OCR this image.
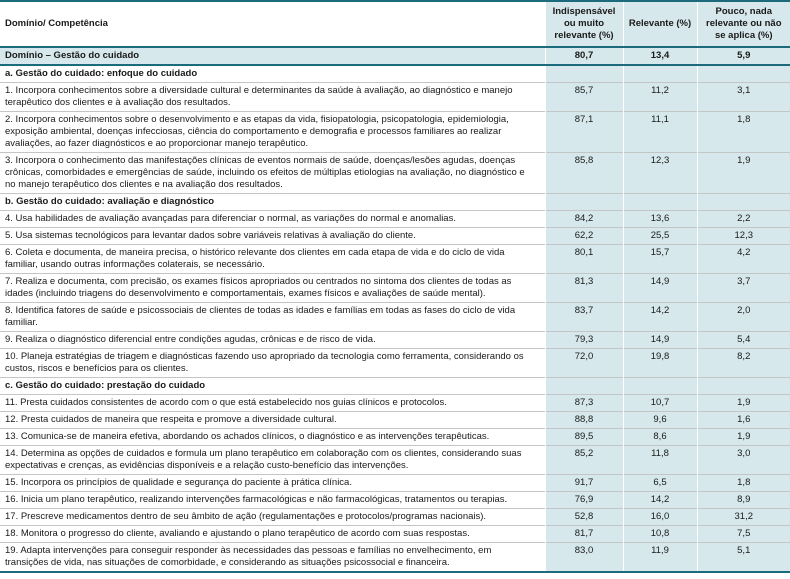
Domínio/ Competência	Indispensável ou muito relevante (%)	Relevante (%)	Pouco, nada relevante ou não se aplica (%)
Domínio – Gestão do cuidado	80,7	13,4	5,9
a. Gestão do cuidado: enfoque do cuidado			
1. Incorpora conhecimentos sobre a diversidade cultural e determinantes da saúde à avaliação, ao diagnóstico e manejo terapêutico dos clientes e à avaliação dos resultados.	85,7	11,2	3,1
2. Incorpora conhecimentos sobre o desenvolvimento e as etapas da vida, fisiopatologia, psicopatologia, epidemiologia, exposição ambiental, doenças infecciosas, ciência do comportamento e demografia e processos familiares ao realizar avaliações, ao fazer diagnósticos e ao proporcionar manejo terapêutico.	87,1	11,1	1,8
3. Incorpora o conhecimento das manifestações clínicas de eventos normais de saúde, doenças/lesões agudas, doenças crônicas, comorbidades e emergências de saúde, incluindo os efeitos de múltiplas etiologias na avaliação, no diagnóstico e no manejo terapêutico dos clientes e na avaliação dos resultados.	85,8	12,3	1,9
b. Gestão do cuidado: avaliação e diagnóstico			
4. Usa habilidades de avaliação avançadas para diferenciar o normal, as variações do normal e anomalias.	84,2	13,6	2,2
5. Usa sistemas tecnológicos para levantar dados sobre variáveis relativas à avaliação do cliente.	62,2	25,5	12,3
6. Coleta e documenta, de maneira precisa, o histórico relevante dos clientes em cada etapa de vida e do ciclo de vida familiar, usando outras informações colaterais, se necessário.	80,1	15,7	4,2
7. Realiza e documenta, com precisão, os exames físicos apropriados ou centrados no sintoma dos clientes de todas as idades (incluindo triagens do desenvolvimento e comportamentais, exames físicos e avaliações de saúde mental).	81,3	14,9	3,7
8. Identifica fatores de saúde e psicossociais de clientes de todas as idades e famílias em todas as fases do ciclo de vida familiar.	83,7	14,2	2,0
9. Realiza o diagnóstico diferencial entre condições agudas, crônicas e de risco de vida.	79,3	14,9	5,4
10. Planeja estratégias de triagem e diagnósticas fazendo uso apropriado da tecnologia como ferramenta, considerando os custos, riscos e benefícios para os clientes.	72,0	19,8	8,2
c. Gestão do cuidado: prestação do cuidado			
11. Presta cuidados consistentes de acordo com o que está estabelecido nos guias clínicos e protocolos.	87,3	10,7	1,9
12. Presta cuidados de maneira que respeita e promove a diversidade cultural.	88,8	9,6	1,6
13. Comunica-se de maneira efetiva, abordando os achados clínicos, o diagnóstico e as intervenções terapêuticas.	89,5	8,6	1,9
14. Determina as opções de cuidados e formula um plano terapêutico em colaboração com os clientes, considerando suas expectativas e crenças, as evidências disponíveis e a relação custo-benefício das intervenções.	85,2	11,8	3,0
15. Incorpora os princípios de qualidade e segurança do paciente à prática clínica.	91,7	6,5	1,8
16. Inicia um plano terapêutico, realizando intervenções farmacológicas e não farmacológicas, tratamentos ou terapias.	76,9	14,2	8,9
17. Prescreve medicamentos dentro de seu âmbito de ação (regulamentações e protocolos/programas nacionais).	52,8	16,0	31,2
18. Monitora o progresso do cliente, avaliando e ajustando o plano terapêutico de acordo com suas respostas.	81,7	10,8	7,5
19. Adapta intervenções para conseguir responder às necessidades das pessoas e famílias no envelhecimento, em transições de vida, nas situações de comorbidade, e considerando as situações psicossocial e financeira.	83,0	11,9	5,1
